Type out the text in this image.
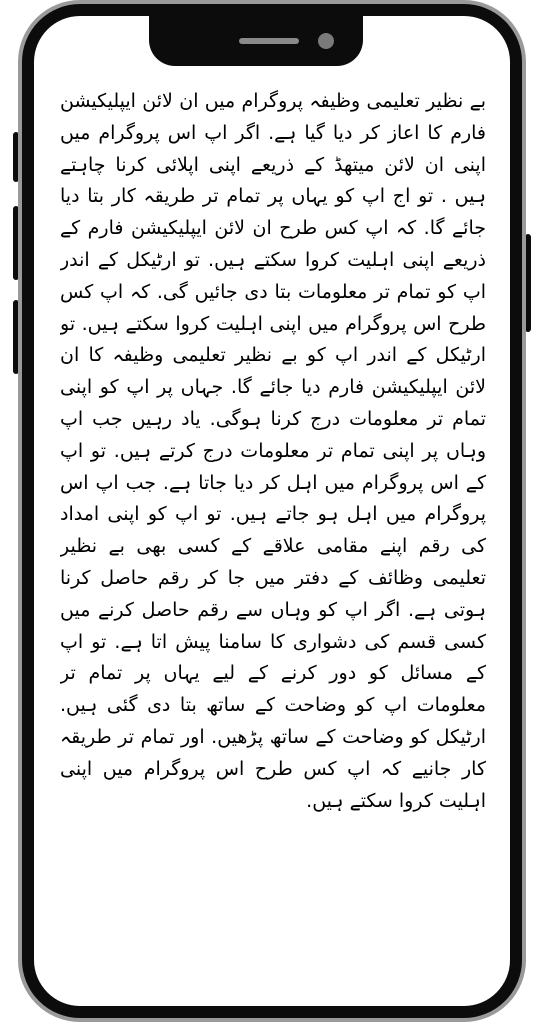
بے نظیر تعلیمی وظیفہ پروگرام میں ان لائن ایپلیکیشن فارم کا اعاز کر دیا گیا ہے. اگر اپ اس پروگرام میں اپنی ان لائن میتھڈ کے ذریعے اپنی اپلائی کرنا چاہتے ہیں . تو اج اپ کو یہاں پر تمام تر طریقہ کار بتا دیا جائے گا. کہ اپ کس طرح ان لائن ایپلیکیشن فارم کے ذریعے اپنی اہلیت کروا سکتے ہیں. تو ارٹیکل کے اندر اپ کو تمام تر معلومات بتا دی جائیں گی. کہ اپ کس طرح اس پروگرام میں اپنی اہلیت کروا سکتے ہیں. تو ارٹیکل کے اندر اپ کو بے نظیر تعلیمی وظیفہ کا ان لائن ایپلیکیشن فارم دیا جائے گا. جہاں پر اپ کو اپنی تمام تر معلومات درج کرنا ہوگی. یاد رہیں جب اپ وہاں پر اپنی تمام تر معلومات درج کرتے ہیں. تو اپ کے اس پروگرام میں اہل کر دیا جاتا ہے. جب اپ اس پروگرام میں اہل ہو جاتے ہیں. تو اپ کو اپنی امداد کی رقم اپنے مقامی علاقے کے کسی بھی بے نظیر تعلیمی وظائف کے دفتر میں جا کر رقم حاصل کرنا ہوتی ہے. اگر اپ کو وہاں سے رقم حاصل کرنے میں کسی قسم کی دشواری کا سامنا پیش اتا ہے. تو اپ کے مسائل کو دور کرنے کے لیے یہاں پر تمام تر معلومات اپ کو وضاحت کے ساتھ بتا دی گئی ہیں. ارٹیکل کو وضاحت کے ساتھ پڑھیں. اور تمام تر طریقہ کار جانیے کہ اپ کس طرح اس پروگرام میں اپنی اہلیت کروا سکتے ہیں.
